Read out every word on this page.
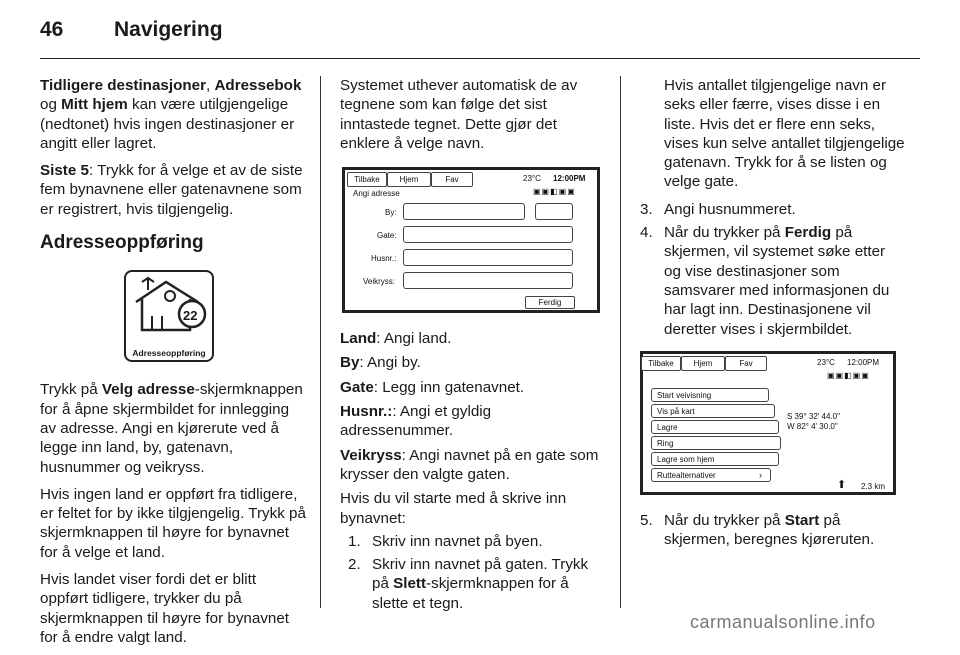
46 Navigering

Tidligere destinasjoner, Adressebok
og Mitt hjem kan være utilgjengelige (nedtonet) hvis ingen destinasjoner er angitt eller lagret.

Siste 5: Trykk for å velge et av de siste fem bynavnene eller gatenavnene som er registrert, hvis tilgjengelig.

Adresseoppføring
22
Adresseoppføring

Trykk på Velg adresse-skjermknappen for å åpne skjermbildet for innlegging av adresse. Angi en kjørerute ved å legge inn land, by, gatenavn, husnummer og veikryss.

Hvis ingen land er oppført fra tidligere, er feltet for by ikke tilgjengelig. Trykk på skjermknappen til høyre for bynavnet for å velge et land.

Hvis landet viser fordi det er blitt oppført tidligere, trykker du på skjermknappen til høyre for bynavnet for å endre valgt land.

Systemet uthever automatisk de av tegnene som kan følge det sist inntastede tegnet. Dette gjør det enklere å velge navn.

Tilbake	Hjem	Fav	23°C 12:00PM
▣▣◧▣▣
Angi adresse
By:
Gate:
Husnr.:
Veikryss:
Ferdig

Land: Angi land.

By: Angi by.

Gate: Legg inn gatenavnet.

Husnr.:: Angi et gyldig adressenummer.

Veikryss: Angi navnet på en gate som krysser den valgte gaten.

Hvis du vil starte med å skrive inn bynavnet:

1. Skriv inn navnet på byen.
2. Skriv inn navnet på gaten. Trykk på Slett-skjermknappen for å slette et tegn.

Hvis antallet tilgjengelige navn er seks eller færre, vises disse i en liste. Hvis det er flere enn seks, vises kun selve antallet tilgjengelige gatenavn. Trykk for å se listen og velge gate.

3. Angi husnummeret.
4. Når du trykker på Ferdig på skjermen, vil systemet søke etter og vise destinasjoner som samsvarer med informasjonen du har lagt inn. Destinasjonene vil deretter vises i skjermbildet.
Tilbake	Hjem	Fav	23°C 12:00PM
▣▣◧▣▣
Start veivisning
Vis på kart
Lagre
Ring
Lagre som hjem
Ruttealternativer	›
S 39° 32' 44.0"
W 82° 4' 30.0"
⬆ 2.3 km
5. Når du trykker på Start på skjermen, beregnes kjøreruten.
carmanualsonline.info
